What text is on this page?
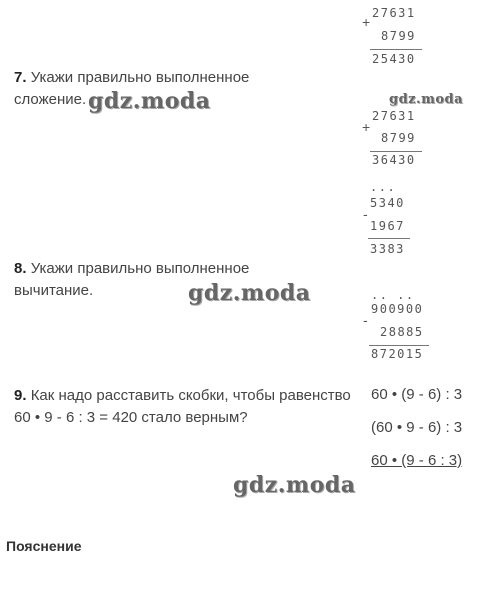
7. Укажи правильно выполненное сложение.
+
27631
8799
25430
+
27631
8799
36430
...
-
5340
1967
3383
8. Укажи правильно выполненное вычитание.	.. ..
-
900900
28885
872015
9. Как надо расставить скобки, чтобы равенство 60 • 9 - 6 : 3 = 420 стало верным?
60 • (9 - 6) : 3
(60 • 9 - 6) : 3
60 • (9 - 6 : 3)
gdz.moda	gdz.moda
gdz.moda
gdz.moda
Пояснение
